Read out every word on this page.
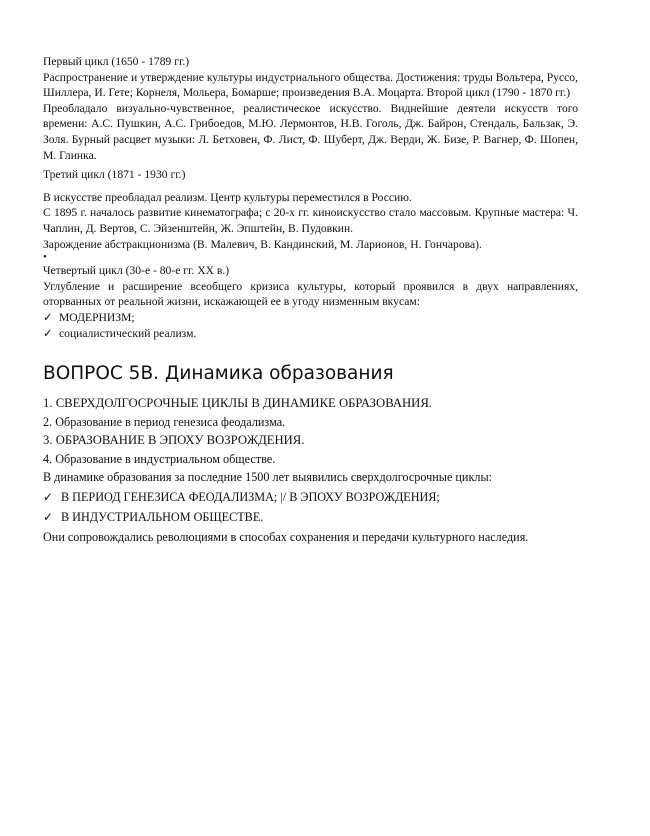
Первый цикл (1650 - 1789 гг.)

Распространение и утверждение культуры индустриального общества. Достижения: труды Вольтера, Руссо, Шиллера, И. Гете; Корнеля, Мольера, Бомарше; произведения В.А. Моцарта. Второй цикл (1790 - 1870 гг.)

Преобладало визуально-чувственное, реалистическое искусство. Виднейшие деятели искусств того времени: А.С. Пушкин, А.С. Грибоедов, М.Ю. Лермонтов, Н.В. Гоголь, Дж. Байрон, Стендаль, Бальзак, Э. Золя. Бурный расцвет музыки: Л. Бетховен, Ф. Лист, Ф. Шуберт, Дж. Верди, Ж. Бизе, Р. Вагнер, Ф. Шопен, М. Глинка.

Третий цикл (1871 - 1930 гг.)

В искусстве преобладал реализм. Центр культуры переместился в Россию.

С 1895 г. началось развитие кинематографа; с 20-х гг. киноискусство стало массовым. Крупные мастера: Ч. Чаплин, Д. Вертов, С. Эйзенштейн, Ж. Эпштейн, В. Пудовкин.

Зарождение абстракционизма (В. Малевич, В. Кандинский, М. Ларионов, Н. Гончарова).

•

Четвертый цикл (30-е - 80-е гг. XX в.)

Углубление и расширение всеобщего кризиса культуры, который проявился в двух направлениях, оторванных от реальной жизни, искажающей ее в угоду низменным вкусам:

✓ МОДЕРНИЗМ;
✓ социалистический реализм.
ВОПРОС 5В. Динамика образования

1. СВЕРХДОЛГОСРОЧНЫЕ ЦИКЛЫ В ДИНАМИКЕ ОБРАЗОВАНИЯ.

2. Образование в период генезиса феодализма.

3. ОБРАЗОВАНИЕ В ЭПОХУ ВОЗРОЖДЕНИЯ.

4. Образование в индустриальном обществе.

В динамике образования за последние 1500 лет выявились сверхдолгосрочные циклы:

✓ В ПЕРИОД ГЕНЕЗИСА ФЕОДАЛИЗМА; |/ В ЭПОХУ ВОЗРОЖДЕНИЯ;
✓ В ИНДУСТРИАЛЬНОМ ОБЩЕСТВЕ.

Они сопровождались революциями в способах сохранения и передачи культурного наследия.
